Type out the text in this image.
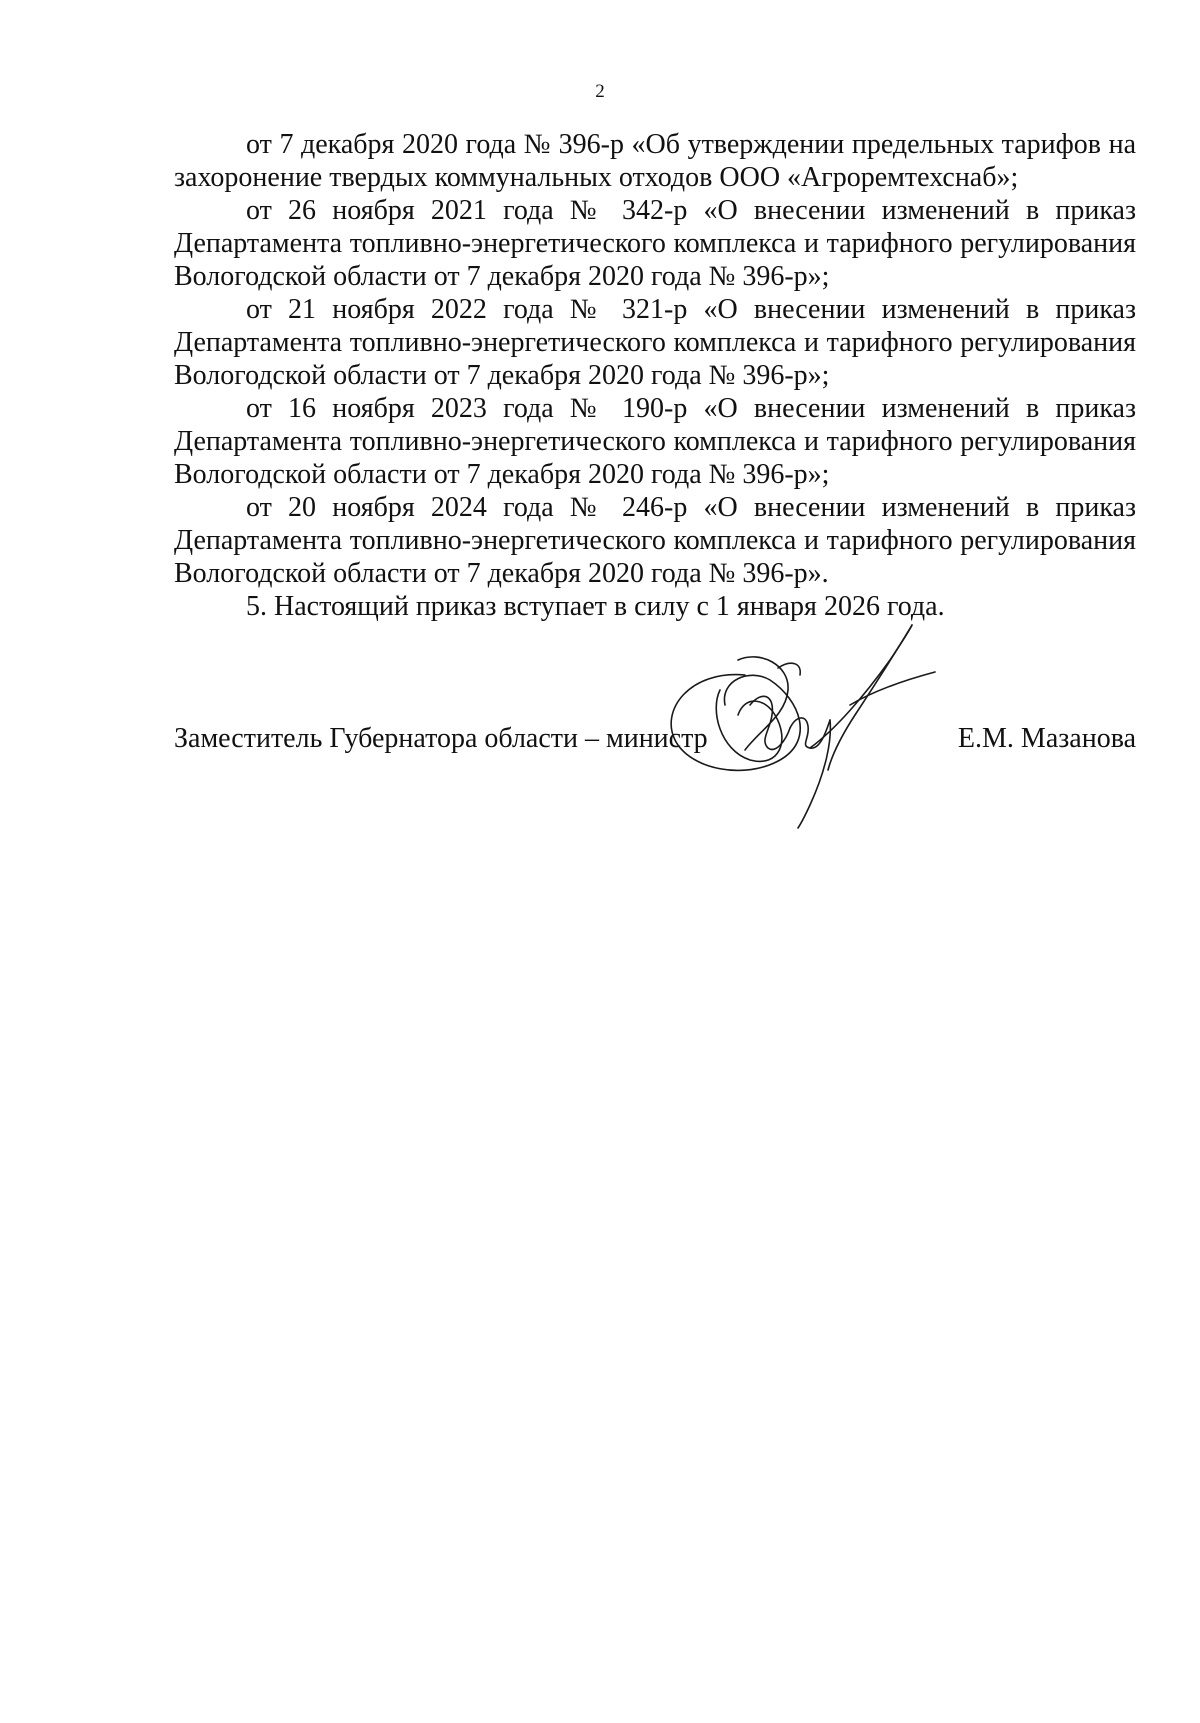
2

от 7 декабря 2020 года № 396-р «Об утверждении предельных тарифов на захоронение твердых коммунальных отходов ООО «Агроремтехснаб»;

от 26 ноября 2021 года № 342-р «О внесении изменений в приказ Департамента топливно-энергетического комплекса и тарифного регулирования Вологодской области от 7 декабря 2020 года № 396-р»;

от 21 ноября 2022 года № 321-р «О внесении изменений в приказ Департамента топливно-энергетического комплекса и тарифного регулирования Вологодской области от 7 декабря 2020 года № 396-р»;

от 16 ноября 2023 года № 190-р «О внесении изменений в приказ Департамента топливно-энергетического комплекса и тарифного регулирования Вологодской области от 7 декабря 2020 года № 396-р»;

от 20 ноября 2024 года № 246-р «О внесении изменений в приказ Департамента топливно-энергетического комплекса и тарифного регулирования Вологодской области от 7 декабря 2020 года № 396-р».

5. Настоящий приказ вступает в силу с 1 января 2026 года.

Заместитель Губернатора области – министр	Е.М. Мазанова
